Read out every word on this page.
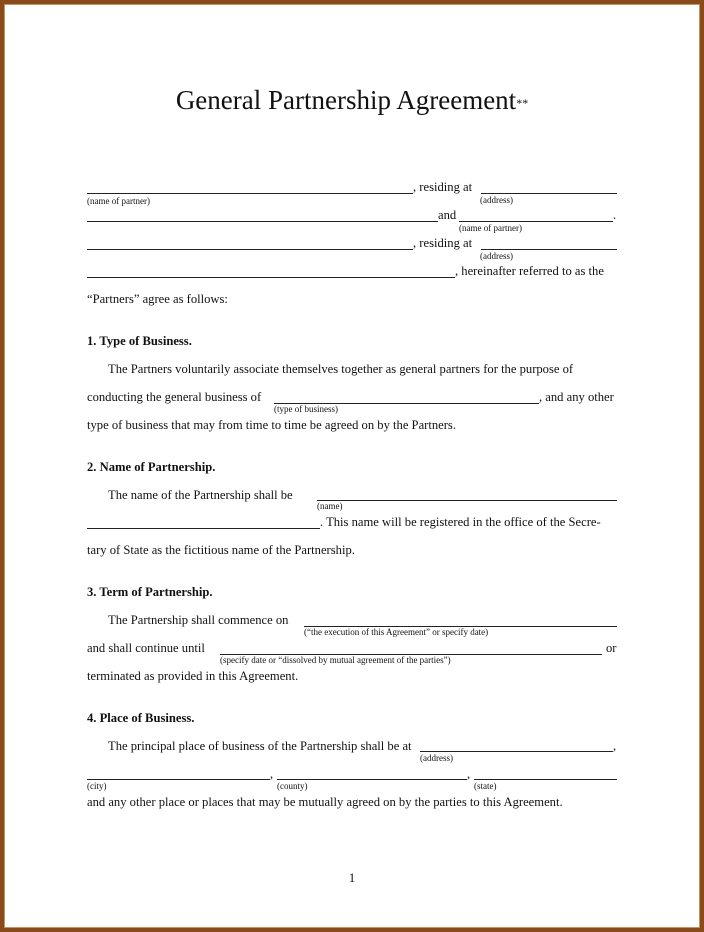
General Partnership Agreement**
, residing at
(name of partner)	(address)
and	.
(name of partner)
, residing at
(address)
, hereinafter referred to as the
“Partners” agree as follows:
1. Type of Business.
The Partners voluntarily associate themselves together as general partners for the purpose of
conducting the general business of	, and any other
(type of business)
type of business that may from time to time be agreed on by the Partners.
2. Name of Partnership.
The name of the Partnership shall be
(name)
. This name will be registered in the office of the Secre-
tary of State as the fictitious name of the Partnership.
3. Term of Partnership.
The Partnership shall commence on
(“the execution of this Agreement” or specify date)
and shall continue until	or
(specify date or “dissolved by mutual agreement of the parties”)
terminated as provided in this Agreement.
4. Place of Business.
The principal place of business of the Partnership shall be at	,
(address)
,	,
(city)	(county)	(state)
and any other place or places that may be mutually agreed on by the parties to this Agreement.
1
